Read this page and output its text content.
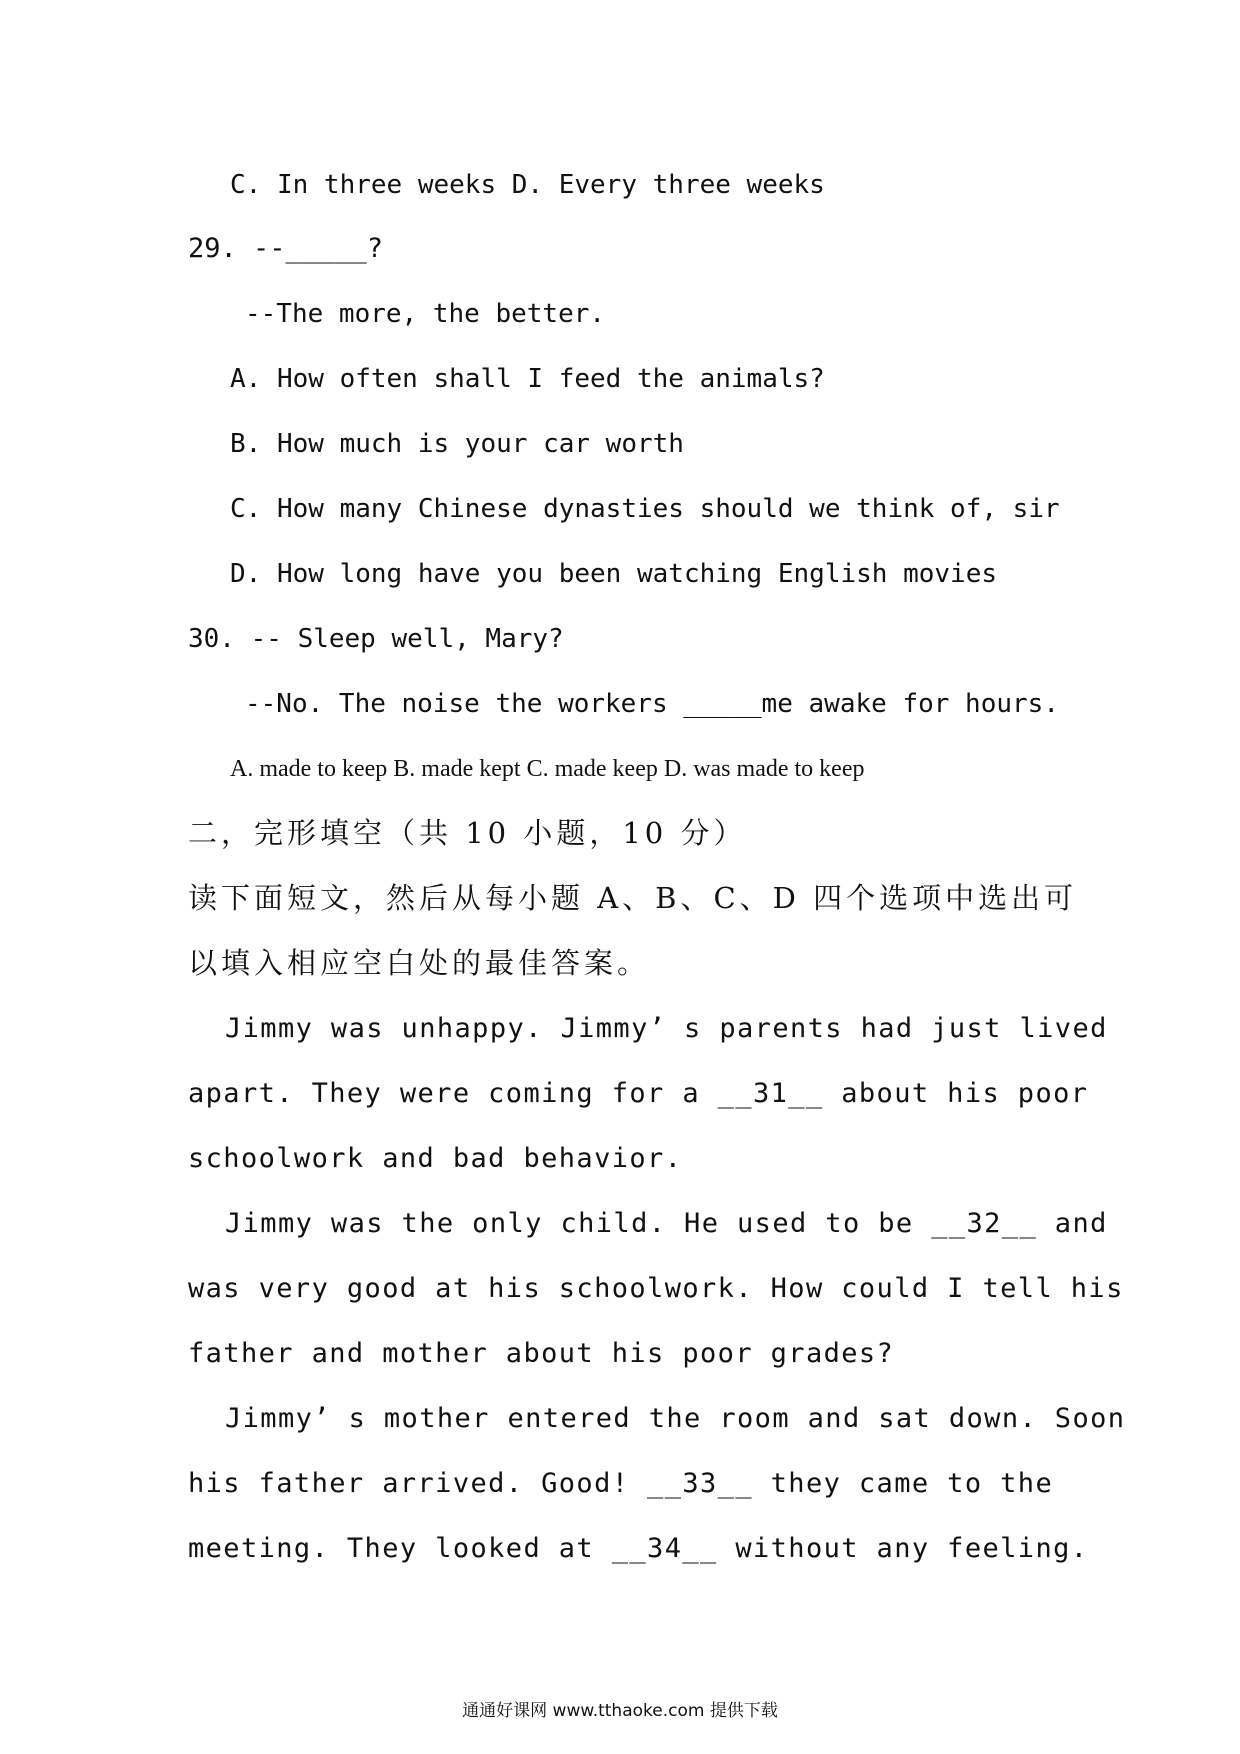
C. In three weeks D. Every three weeks

29. --_____?

--The more, the better.

A. How often shall I feed the animals?

B. How much is your car worth

C. How many Chinese dynasties should we think of, sir

D. How long have you been watching English movies

30. -- Sleep well, Mary?

--No. The noise the workers _____me awake for hours.

A. made to keep B. made kept C. made keep D. was made to keep

二，完形填空（共 10 小题，10 分）

读下面短文，然后从每小题 A、B、C、D 四个选项中选出可

以填入相应空白处的最佳答案。

Jimmy was unhappy. Jimmy’ s parents had just lived

apart. They were coming for a __31__ about his poor

schoolwork and bad behavior.

Jimmy was the only child. He used to be __32__ and

was very good at his schoolwork. How could I tell his

father and mother about his poor grades?

Jimmy’ s mother entered the room and sat down. Soon

his father arrived. Good! __33__ they came to the

meeting. They looked at __34__ without any feeling.

通通好课网 www.tthaoke.com 提供下载
